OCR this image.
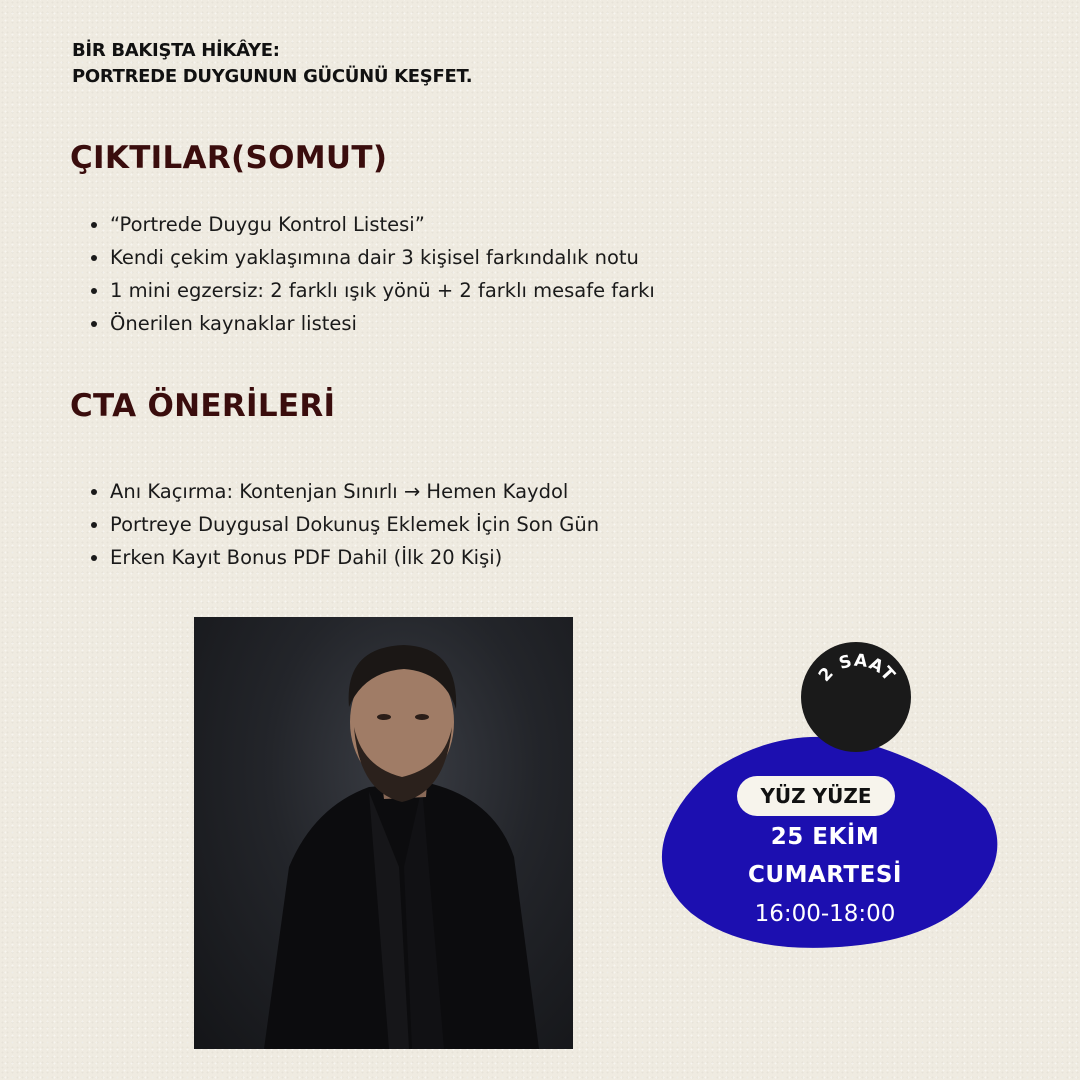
BİR BAKIŞTA HİKÂYE:
PORTREDE DUYGUNUN GÜCÜNÜ KEŞFET.
ÇIKTILAR(SOMUT)
• “Portrede Duygu Kontrol Listesi”
• Kendi çekim yaklaşımına dair 3 kişisel farkındalık notu
• 1 mini egzersiz: 2 farklı ışık yönü + 2 farklı mesafe farkı
• Önerilen kaynaklar listesi
CTA ÖNERİLERİ
• Anı Kaçırma: Kontenjan Sınırlı → Hemen Kaydol
• Portreye Duygusal Dokunuş Eklemek İçin Son Gün
• Erken Kayıt Bonus PDF Dahil (İlk 20 Kişi)
2 SAAT
YÜZ YÜZE
25 EKİM
CUMARTESİ
16:00-18:00
